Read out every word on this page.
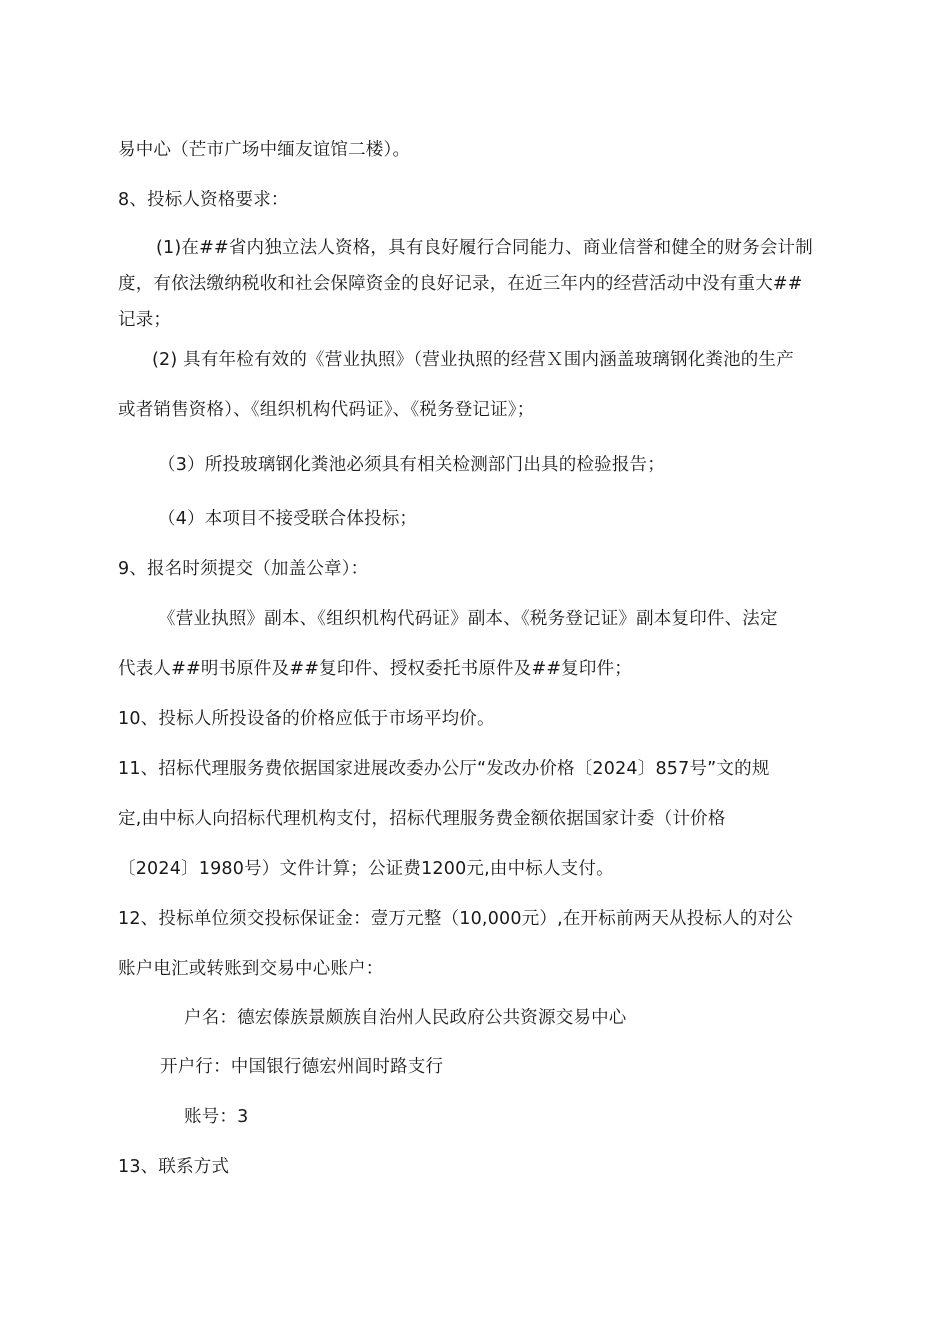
易中心（芒市广场中缅友谊馆二楼）。
8、投标人资格要求：
(1)在##省内独立法人资格，具有良好履行合同能力、商业信誉和健全的财务会计制
度，有依法缴纳税收和社会保障资金的良好记录，在近三年内的经营活动中没有重大##
记录；
(2) 具有年检有效的《营业执照》（营业执照的经营Ｘ围内涵盖玻璃钢化粪池的生产
或者销售资格）、《组织机构代码证》、《税务登记证》；
（3）所投玻璃钢化粪池必须具有相关检测部门出具的检验报告；
（4）本项目不接受联合体投标；
9、报名时须提交（加盖公章）：
《营业执照》副本、《组织机构代码证》副本、《税务登记证》副本复印件、法定
代表人##明书原件及##复印件、授权委托书原件及##复印件；
10、投标人所投设备的价格应低于市场平均价。
11、招标代理服务费依据国家进展改委办公厅“发改办价格〔2024〕857号”文的规
定,由中标人向招标代理机构支付，招标代理服务费金额依据国家计委（计价格
〔2024〕1980号）文件计算；公证费1200元,由中标人支付。
12、投标单位须交投标保证金：壹万元整（10,000元）,在开标前两天从投标人的对公
账户电汇或转账到交易中心账户：
户名：德宏傣族景颇族自治州人民政府公共资源交易中心
开户行：中国银行德宏州闾时路支行
账号：3
13、联系方式
